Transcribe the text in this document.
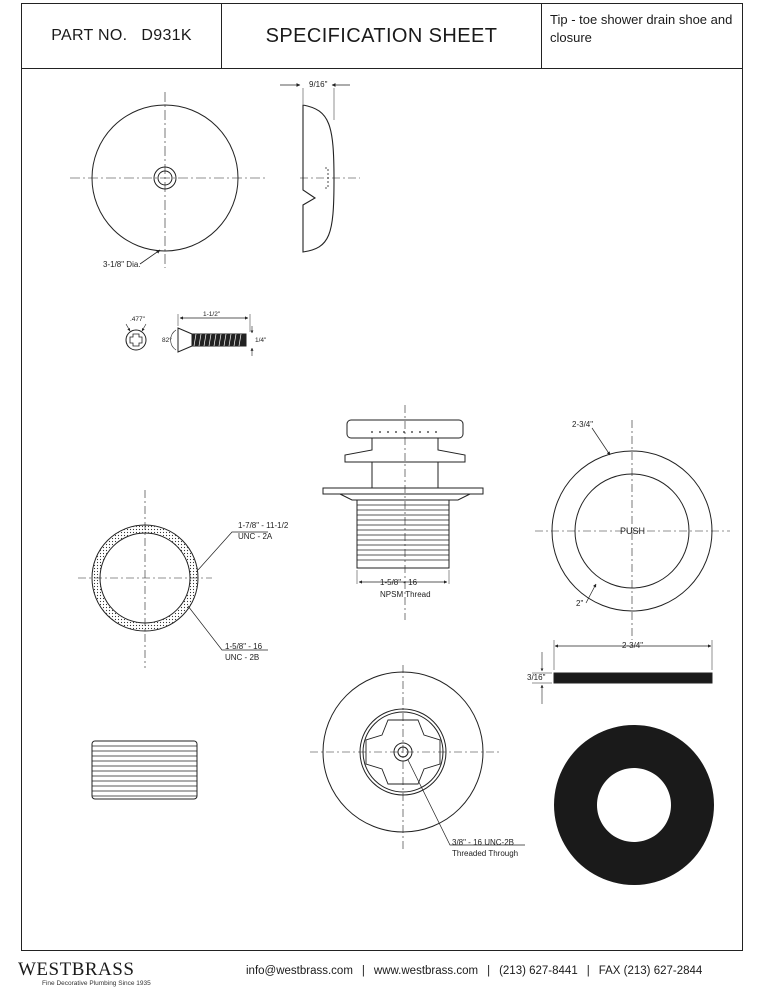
PART NO. D931K	SPECIFICATION SHEET
Tip - toe shower drain shoe and closure
9/16"
3-1/8" Dia.
.477"
82°
1-1/2"
1/4"
1-7/8" - 11-1/2
UNC - 2A
1-5/8" - 16
UNC - 2B
1-5/8" - 16
NPSM Thread
2-3/4"
PUSH
2"
2-3/4"
3/16"
3/8" - 16 UNC-2B
Threaded Through
WESTBRASS
Fine Decorative Plumbing Since 1935
info@westbrass.com | www.westbrass.com | (213) 627-8441 | FAX (213) 627-2844
